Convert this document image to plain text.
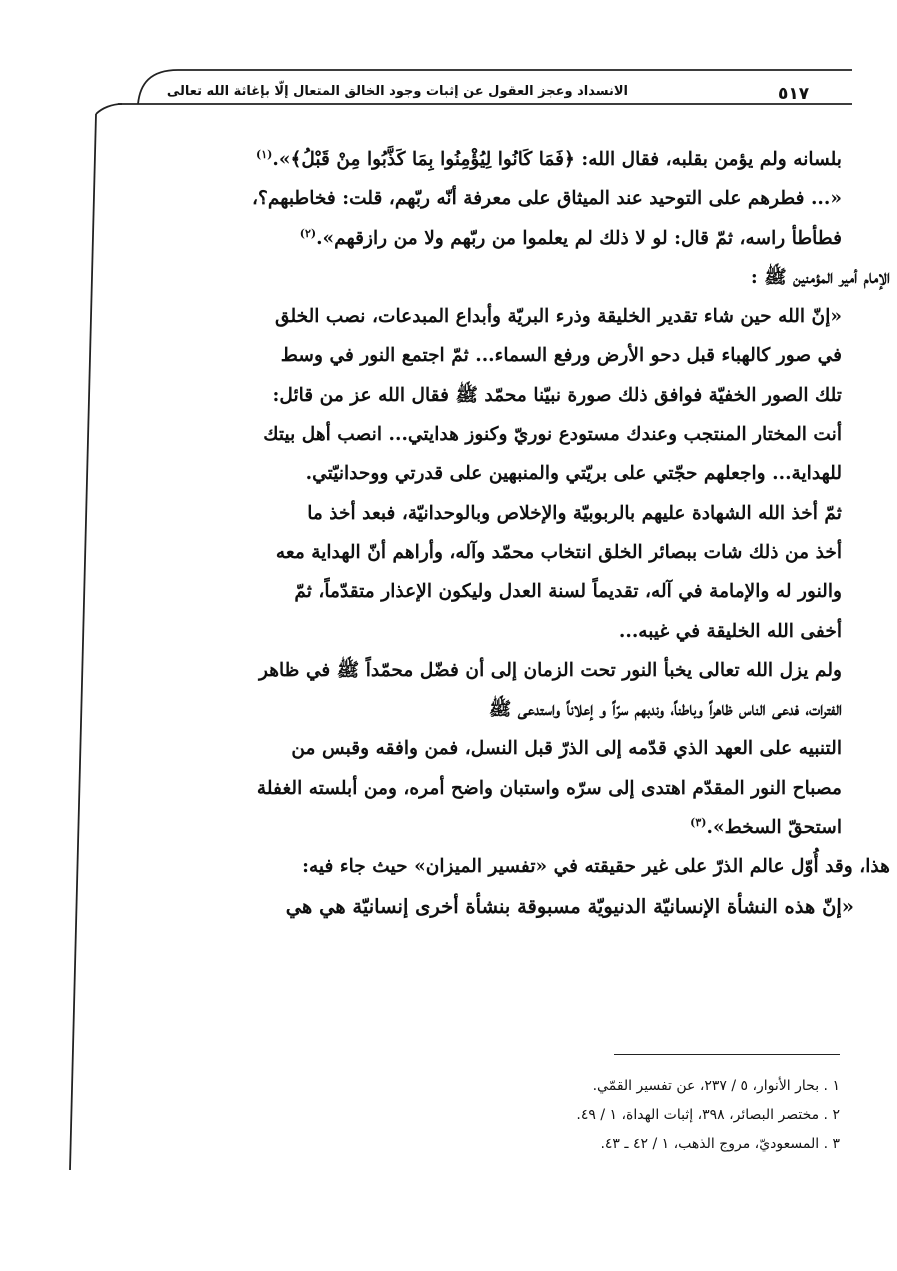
٥١٧
الانسداد وعجز العقول عن إثبات وجود الخالق المتعال إلّا بإغاثة الله تعالى

بلسانه ولم يؤمن بقلبه، فقال الله: ﴿فَمَا كَانُوا لِيُؤْمِنُوا بِمَا كَذَّبُوا مِنْ قَبْلُ﴾».$^{(١)}$

«... فطرهم على التوحيد عند الميثاق على معرفة أنّه ربّهم، قلت: فخاطبهم؟،

فطأطأ راسه، ثمّ قال: لو لا ذلك لم يعلموا من ربّهم ولا من رازقهم».$^{(٢)}$

الإمام أمير المؤمنين ﷺ :

«إنّ الله حين شاء تقدير الخليقة وذرء البريّة وأبداع المبدعات، نصب الخلق

في صور كالهباء قبل دحو الأرض ورفع السماء... ثمّ اجتمع النور في وسط

تلك الصور الخفيّة فوافق ذلك صورة نبيّنا محمّد ﷺ فقال الله عز من قائل:

أنت المختار المنتجب وعندك مستودع نوريّ وكنوز هدايتي... انصب أهل بيتك

للهداية... واجعلهم حجّتي على بريّتي والمنبهين على قدرتي ووحدانيّتي.

ثمّ أخذ الله الشهادة عليهم بالربوبيّة والإخلاص وبالوحدانيّة، فبعد أخذ ما

أخذ من ذلك شات ببصائر الخلق انتخاب محمّد وآله، وأراهم أنّ الهداية معه

والنور له والإمامة في آله، تقديماً لسنة العدل وليكون الإعذار متقدّماً، ثمّ

أخفى الله الخليقة في غيبه...

ولم يزل الله تعالى يخبأ النور تحت الزمان إلى أن فضّل محمّداً ﷺ في ظاهر

الفترات، فدعى الناس ظاهراً وباطناً، وندبهم سرّاً و إعلاناً واستدعى ﷺ

التنبيه على العهد الذي قدّمه إلى الذرّ قبل النسل، فمن وافقه وقبس من

مصباح النور المقدّم اهتدى إلى سرّه واستبان واضح أمره، ومن أبلسته الغفلة

استحقّ السخط».$^{(٣)}$

هذا، وقد أُوّل عالم الذرّ على غير حقيقته في «تفسير الميزان» حيث جاء فيه:

«إنّ هذه النشأة الإنسانيّة الدنيويّة مسبوقة بنشأة أخرى إنسانيّة هي هي

١ . بحار الأنوار، ٥ / ٢٣٧، عن تفسير القمّي.

٢ . مختصر البصائر، ٣٩٨، إثبات الهداة، ١ / ٤٩.

٣ . المسعوديّ، مروج الذهب، ١ / ٤٢ ـ ٤٣.
